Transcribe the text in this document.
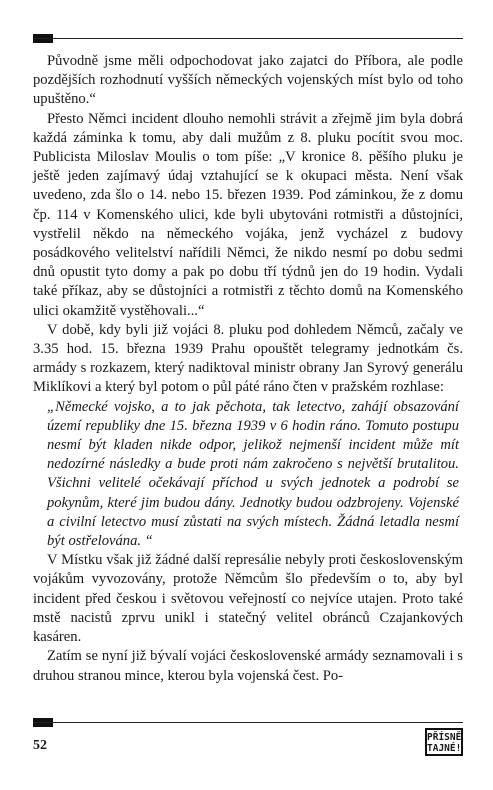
Původně jsme měli odpochodovat jako zajatci do Příbora, ale podle pozdějších rozhodnutí vyšších německých vojenských míst bylo od toho upuštěno.“

Přesto Němci incident dlouho nemohli strávit a zřejmě jim byla dobrá každá záminka k tomu, aby dali mužům z 8. pluku pocítit svou moc. Publicista Miloslav Moulis o tom píše: „V kronice 8. pěšího pluku je ještě jeden zajímavý údaj vztahující se k okupaci města. Není však uvedeno, zda šlo o 14. nebo 15. březen 1939. Pod záminkou, že z domu čp. 114 v Komenského ulici, kde byli ubytováni rotmistři a důstojníci, vystřelil někdo na německého vojáka, jenž vycházel z budovy posádkového velitelství nařídili Němci, že nikdo nesmí po dobu sedmi dnů opustit tyto domy a pak po dobu tří týdnů jen do 19 hodin. Vydali také příkaz, aby se důstojníci a rotmistři z těchto domů na Komenského ulici okamžitě vystěhovali...“

V době, kdy byli již vojáci 8. pluku pod dohledem Němců, začaly ve 3.35 hod. 15. března 1939 Prahu opouštět telegramy jednotkám čs. armády s rozkazem, který nadiktoval ministr obrany Jan Syrový generálu Miklíkovi a který byl potom o půl páté ráno čten v pražském rozhlase:

„Německé vojsko, a to jak pěchota, tak letectvo, zahájí obsazování území republiky dne 15. března 1939 v 6 hodin ráno. Tomuto postupu nesmí být kladen nikde odpor, jelikož nejmenší incident může mít nedozírné následky a bude proti nám zakročeno s největší brutalitou. Všichni velitelé očekávají příchod u svých jednotek a podrobí se pokynům, které jim budou dány. Jednotky budou odzbrojeny. Vojenské a civilní letectvo musí zůstati na svých místech. Žádná letadla nesmí být ostřelována. “

V Místku však již žádné další represálie nebyly proti československým vojákům vyvozovány, protože Němcům šlo především o to, aby byl incident před českou i světovou veřejností co nejvíce utajen. Proto také mstě nacistů zprvu unikl i statečný velitel obránců Czajankových kasáren.

Zatím se nyní již bývalí vojáci československé armády seznamovali i s druhou stranou mince, kterou byla vojenská čest. Po-

52
PŘÍSNĚ
TAJNÉ!
